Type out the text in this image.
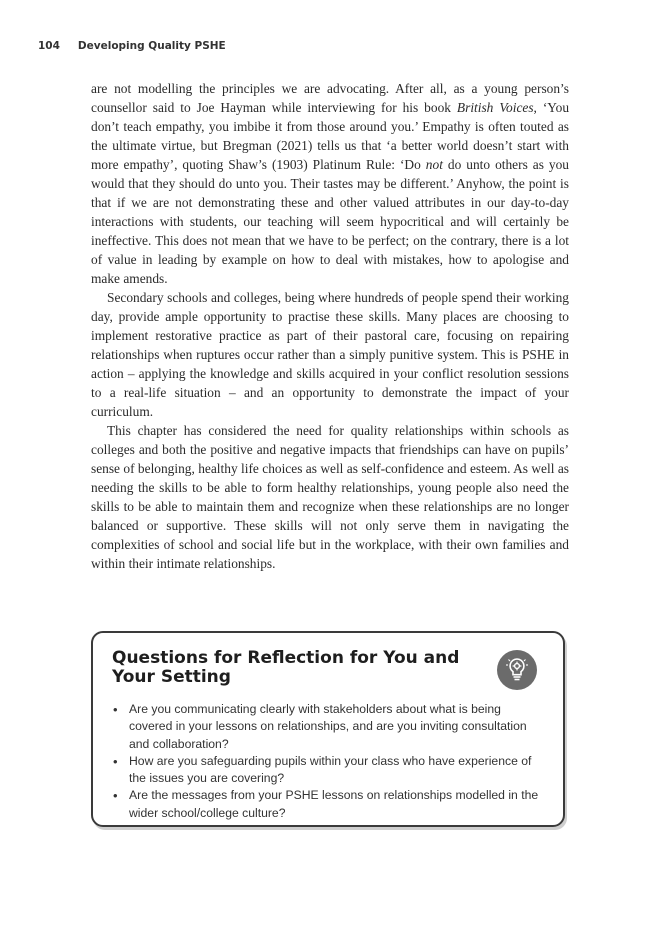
104 Developing Quality PSHE

are not modelling the principles we are advocating. After all, as a young person’s counsellor said to Joe Hayman while interviewing for his book British Voices, ‘You don’t teach empathy, you imbibe it from those around you.’ Empathy is often touted as the ultimate virtue, but Bregman (2021) tells us that ‘a better world doesn’t start with more empathy’, quoting Shaw’s (1903) Platinum Rule: ‘Do not do unto others as you would that they should do unto you. Their tastes may be different.’ Anyhow, the point is that if we are not demonstrating these and other valued attributes in our day-to-day interactions with students, our teaching will seem hypocritical and will certainly be ineffective. This does not mean that we have to be perfect; on the contrary, there is a lot of value in leading by example on how to deal with mistakes, how to apologise and make amends.

Secondary schools and colleges, being where hundreds of people spend their working day, provide ample opportunity to practise these skills. Many places are choosing to implement restorative practice as part of their pastoral care, focusing on repairing relationships when ruptures occur rather than a simply punitive system. This is PSHE in action – applying the knowledge and skills acquired in your conflict resolution sessions to a real-life situation – and an opportunity to demonstrate the impact of your curriculum.

This chapter has considered the need for quality relationships within schools as colleges and both the positive and negative impacts that friendships can have on pupils’ sense of belonging, healthy life choices as well as self-confidence and esteem. As well as needing the skills to be able to form healthy relationships, young people also need the skills to be able to maintain them and recognize when these relationships are no longer balanced or supportive. These skills will not only serve them in navigating the complexities of school and social life but in the workplace, with their own families and within their intimate relationships.

Questions for Reflection for You and Your Setting
• Are you communicating clearly with stakeholders about what is being covered in your lessons on relationships, and are you inviting consultation and collaboration?
• How are you safeguarding pupils within your class who have experience of the issues you are covering?
• Are the messages from your PSHE lessons on relationships modelled in the wider school/college culture?
